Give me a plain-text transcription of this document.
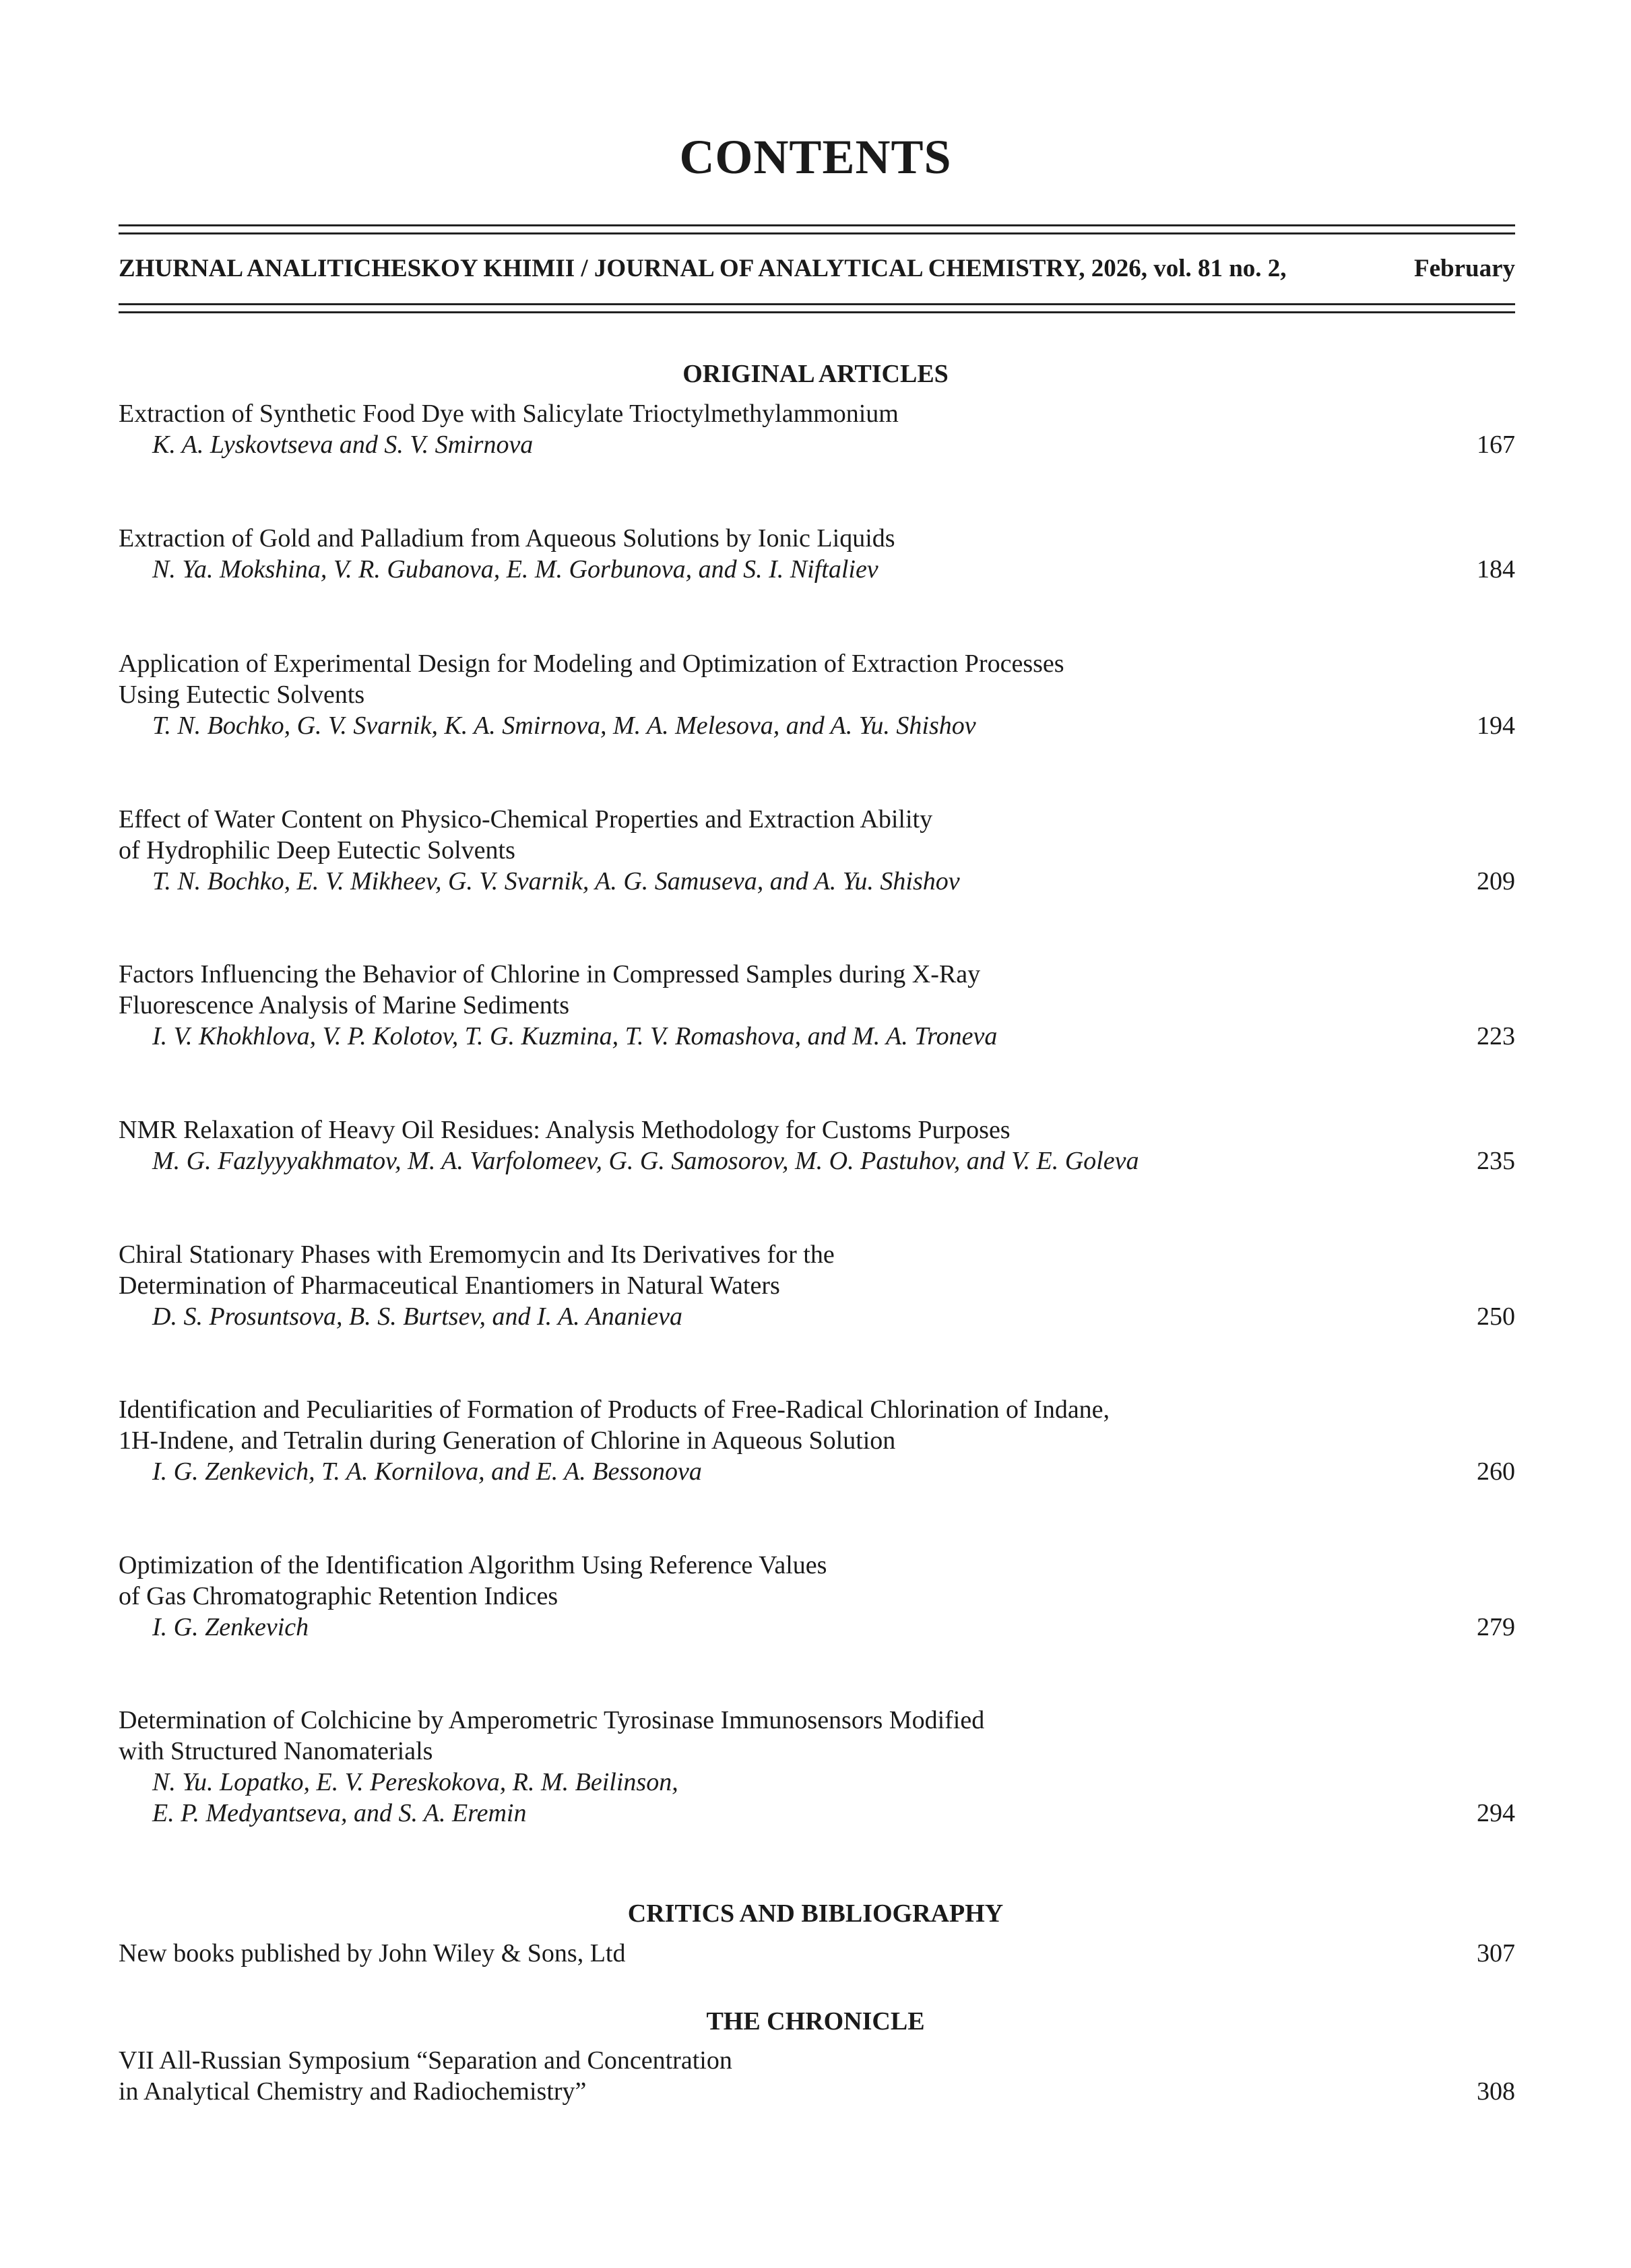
CONTENTS
ZHURNAL ANALITICHESKOY KHIMII / JOURNAL OF ANALYTICAL CHEMISTRY, 2026, vol. 81 no. 2,	February
ORIGINAL ARTICLES
Extraction of Synthetic Food Dye with Salicylate Trioctylmethylammonium
K. A. Lyskovtseva and S. V. Smirnova	167
Extraction of Gold and Palladium from Aqueous Solutions by Ionic Liquids
N. Ya. Mokshina, V. R. Gubanova, E. M. Gorbunova, and S. I. Niftaliev	184
Application of Experimental Design for Modeling and Optimization of Extraction Processes
Using Eutectic Solvents
T. N. Bochko, G. V. Svarnik, K. A. Smirnova, M. A. Melesova, and A. Yu. Shishov	194
Effect of Water Content on Physico-Chemical Properties and Extraction Ability
of Hydrophilic Deep Eutectic Solvents
T. N. Bochko, E. V. Mikheev, G. V. Svarnik, A. G. Samuseva, and A. Yu. Shishov	209
Factors Influencing the Behavior of Chlorine in Compressed Samples during X-Ray
Fluorescence Analysis of Marine Sediments
I. V. Khokhlova, V. P. Kolotov, T. G. Kuzmina, T. V. Romashova, and M. A. Troneva	223
NMR Relaxation of Heavy Oil Residues: Analysis Methodology for Customs Purposes
M. G. Fazlyyyakhmatov, M. A. Varfolomeev, G. G. Samosorov, M. O. Pastuhov, and V. E. Goleva	235
Chiral Stationary Phases with Eremomycin and Its Derivatives for the
Determination of Pharmaceutical Enantiomers in Natural Waters
D. S. Prosuntsova, B. S. Burtsev, and I. A. Ananieva	250
Identification and Peculiarities of Formation of Products of Free-Radical Chlorination of Indane,
1H-Indene, and Tetralin during Generation of Chlorine in Aqueous Solution
I. G. Zenkevich, T. A. Kornilova, and E. A. Bessonova	260
Optimization of the Identification Algorithm Using Reference Values
of Gas Chromatographic Retention Indices
I. G. Zenkevich	279
Determination of Colchicine by Amperometric Tyrosinase Immunosensors Modified
with Structured Nanomaterials
N. Yu. Lopatko, E. V. Pereskokova, R. M. Beilinson,
E. P. Medyantseva, and S. A. Eremin	294
CRITICS AND BIBLIOGRAPHY
New books published by John Wiley & Sons, Ltd	307
THE CHRONICLE
VII All-Russian Symposium “Separation and Concentration
in Analytical Chemistry and Radiochemistry”	308
